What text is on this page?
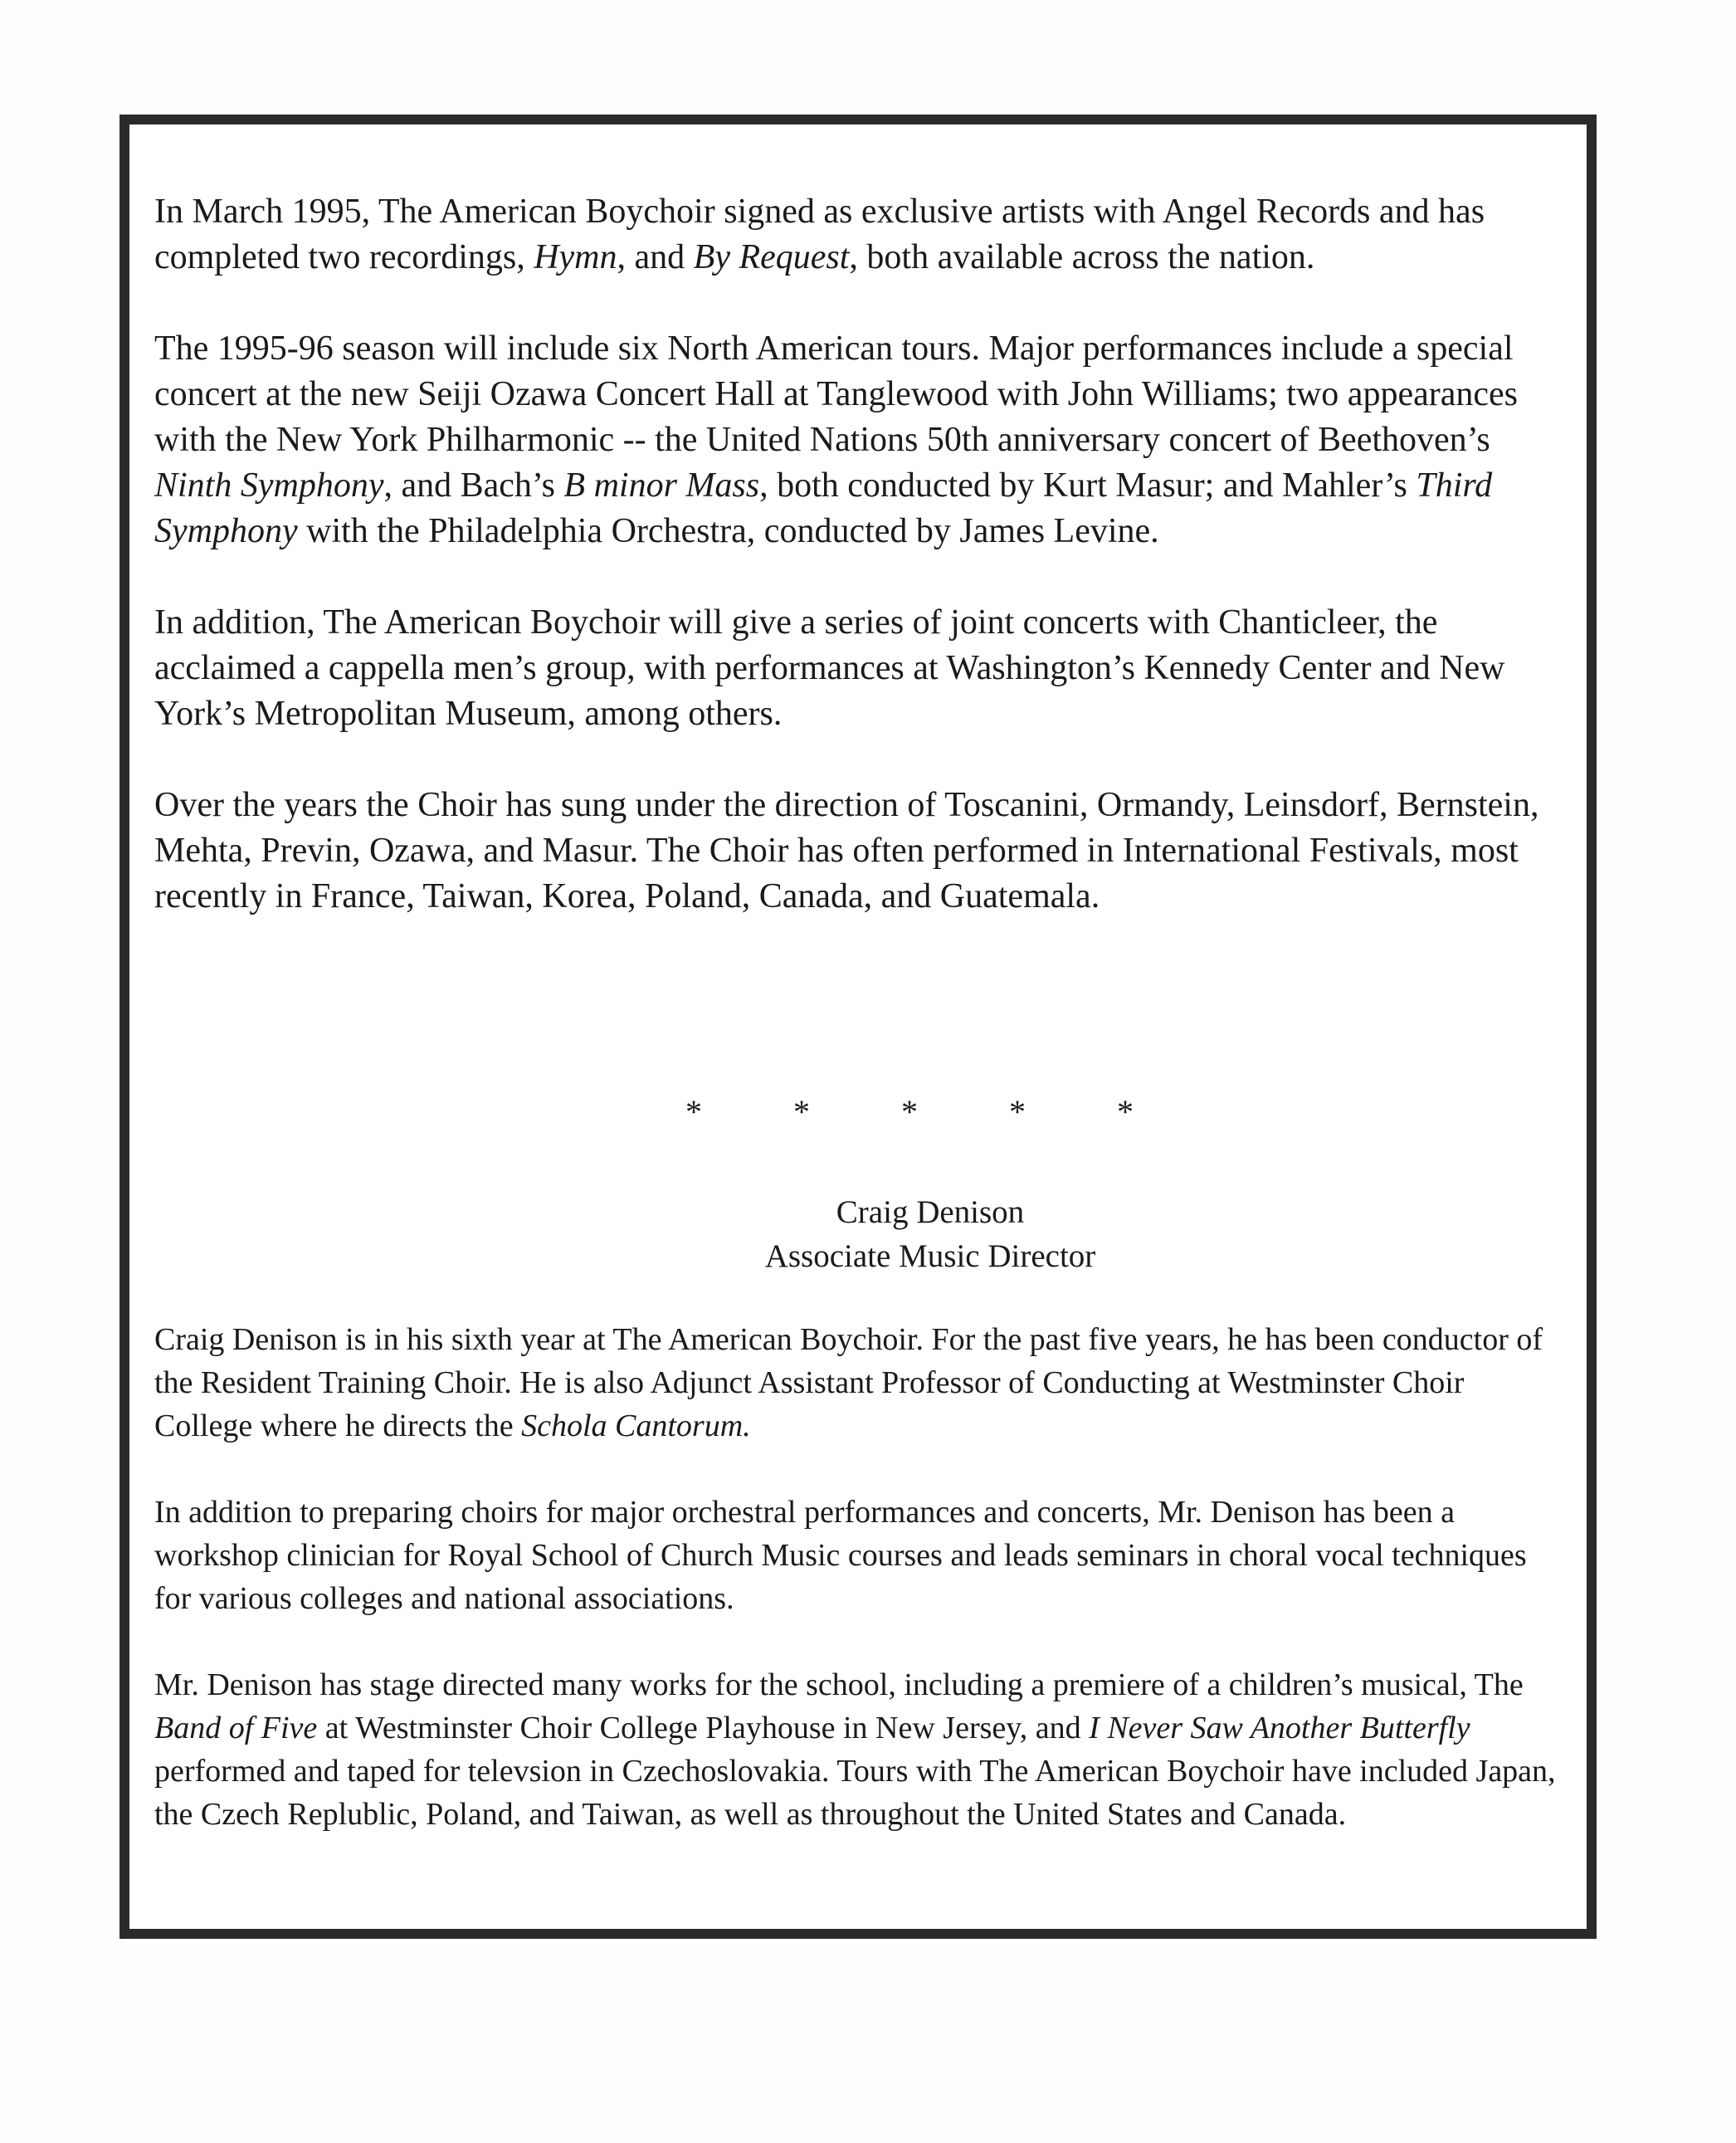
In March 1995, The American Boychoir signed as exclusive artists with Angel Records and has completed two recordings, Hymn, and By Request, both available across the nation.

The 1995-96 season will include six North American tours. Major performances include a special concert at the new Seiji Ozawa Concert Hall at Tanglewood with John Williams; two appearances with the New York Philharmonic -- the United Nations 50th anniversary concert of Beethoven’s Ninth Symphony, and Bach’s B minor Mass, both conducted by Kurt Masur; and Mahler’s Third Symphony with the Philadelphia Orchestra, conducted by James Levine.

In addition, The American Boychoir will give a series of joint concerts with Chanticleer, the acclaimed a cappella men’s group, with performances at Washington’s Kennedy Center and New York’s Metropolitan Museum, among others.

Over the years the Choir has sung under the direction of Toscanini, Ormandy, Leinsdorf, Bernstein, Mehta, Previn, Ozawa, and Masur. The Choir has often performed in International Festivals, most recently in France, Taiwan, Korea, Poland, Canada, and Guatemala.

* * * * *
Craig Denison
Associate Music Director

Craig Denison is in his sixth year at The American Boychoir. For the past five years, he has been conductor of the Resident Training Choir. He is also Adjunct Assistant Professor of Conducting at Westminster Choir College where he directs the Schola Cantorum.

In addition to preparing choirs for major orchestral performances and concerts, Mr. Denison has been a workshop clinician for Royal School of Church Music courses and leads seminars in choral vocal techniques for various colleges and national associations.

Mr. Denison has stage directed many works for the school, including a premiere of a children’s musical, The Band of Five at Westminster Choir College Playhouse in New Jersey, and I Never Saw Another Butterfly performed and taped for televsion in Czechoslovakia. Tours with The American Boychoir have included Japan, the Czech Replublic, Poland, and Taiwan, as well as throughout the United States and Canada.
